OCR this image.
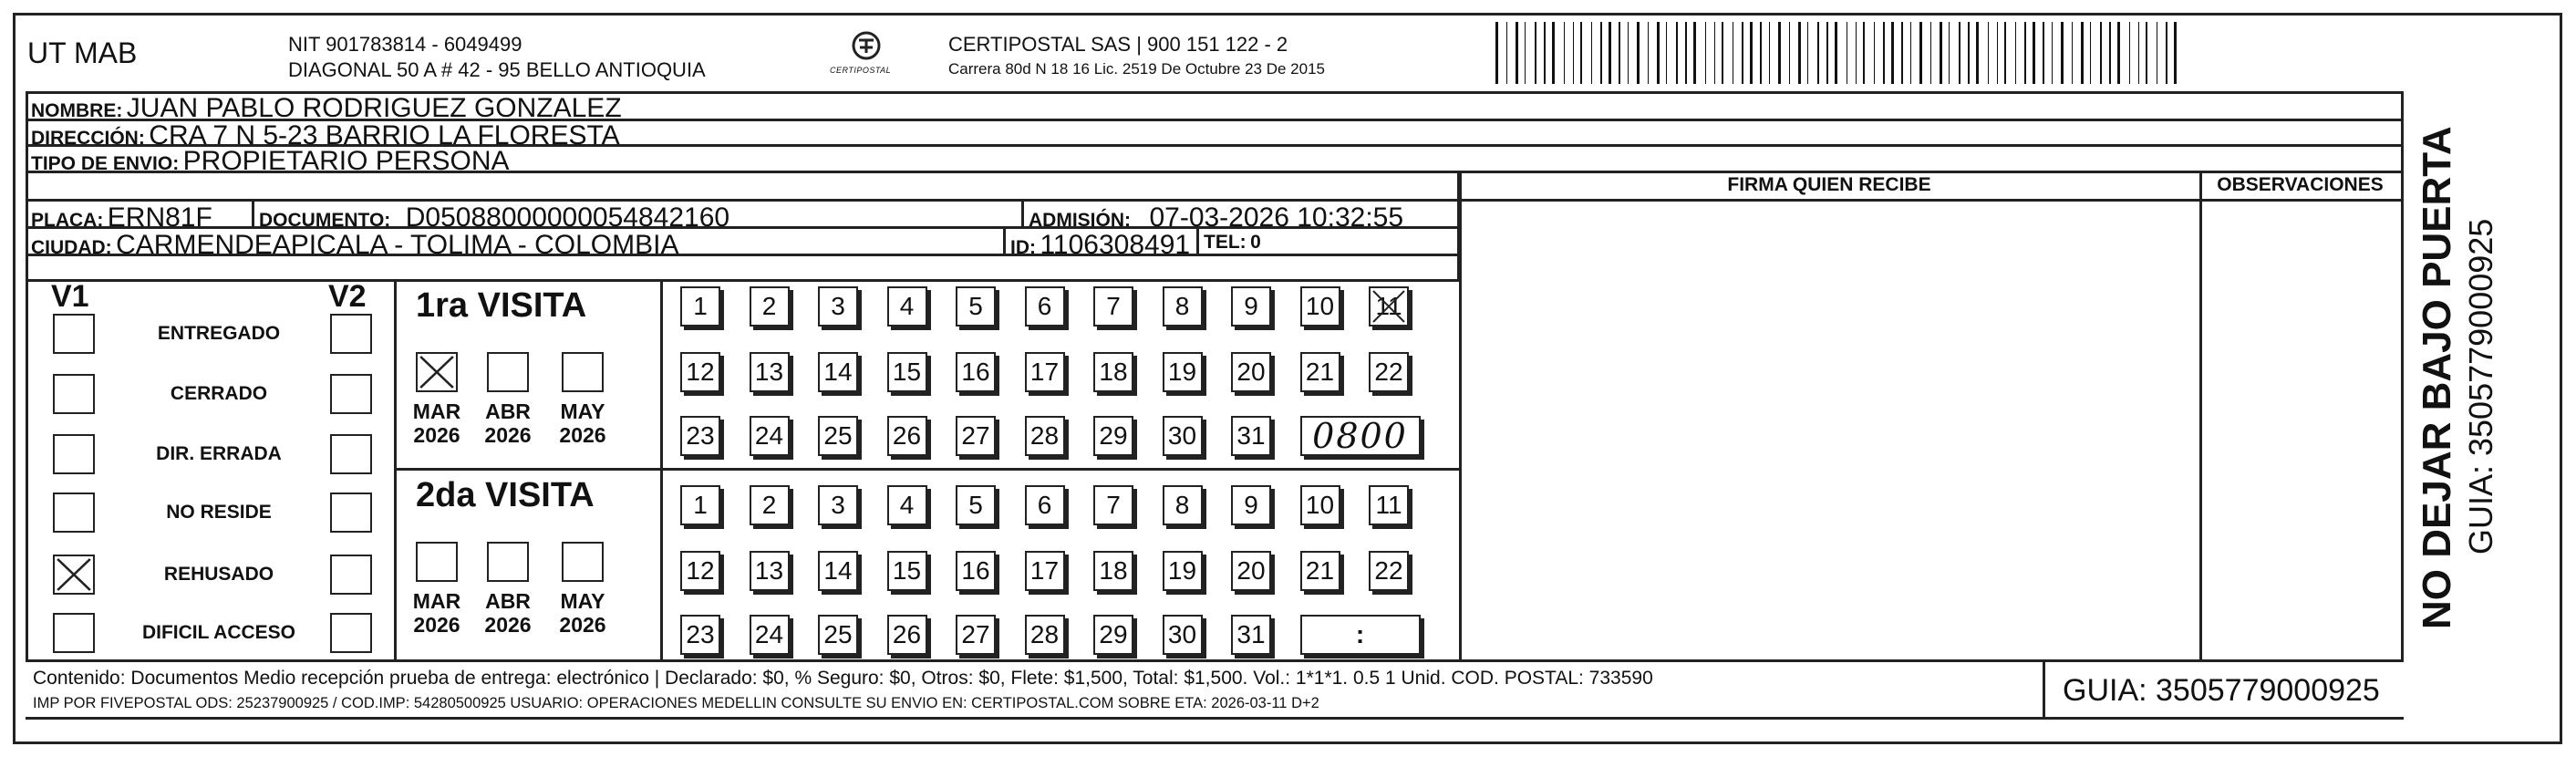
UT MAB	NIT 901783814 - 6049499
DIAGONAL 50 A # 42 - 95 BELLO ANTIOQUIA	CERTIPOSTAL
CERTIPOSTAL SAS | 900 151 122 - 2
Carrera 80d N 18 16 Lic. 2519 De Octubre 23 De 2015
NOMBRE: JUAN PABLO RODRIGUEZ GONZALEZ
DIRECCIÓN: CRA 7 N 5-23 BARRIO LA FLORESTA
TIPO DE ENVIO: PROPIETARIO PERSONA
PLACA: ERN81F DOCUMENTO: D05088000000054842160	ADMISIÓN: 07-03-2026 10:32:55
CIUDAD: CARMENDEAPICALA - TOLIMA - COLOMBIA	ID: 1106308491 TEL: 0
FIRMA QUIEN RECIBE	OBSERVACIONES
V1	V2 1ra VISITA
2da VISITA
Contenido: Documentos Medio recepción prueba de entrega: electrónico | Declarado: $0, % Seguro: $0, Otros: $0, Flete: $1,500, Total: $1,500. Vol.: 1*1*1. 0.5 1 Unid. COD. POSTAL: 733590
IMP POR FIVEPOSTAL ODS: 25237900925 / COD.IMP: 54280500925 USUARIO: OPERACIONES MEDELLIN CONSULTE SU ENVIO EN: CERTIPOSTAL.COM SOBRE ETA: 2026-03-11 D+2	GUIA: 3505779000925
NO DEJAR BAJO PUERTA GUIA: 3505779000925
ENTREGADO
CERRADO
DIR. ERRADA
NO RESIDE
REHUSADO
DIFICIL ACCESO
MAR
2026
ABR
2026
MAY
2026
MAR
2026
ABR
2026
MAY
2026
1	2	3	4	5	6	7	8	9	10 11
12 13 14 15 16 17 18 19 20 21 22
23 24 25 26 27 28 29 30 31	0800
1	2	3	4	5	6	7	8	9	10 11
12 13 14 15 16 17 18 19 20 21 22
23 24 25 26 27 28 29 30 31	:
